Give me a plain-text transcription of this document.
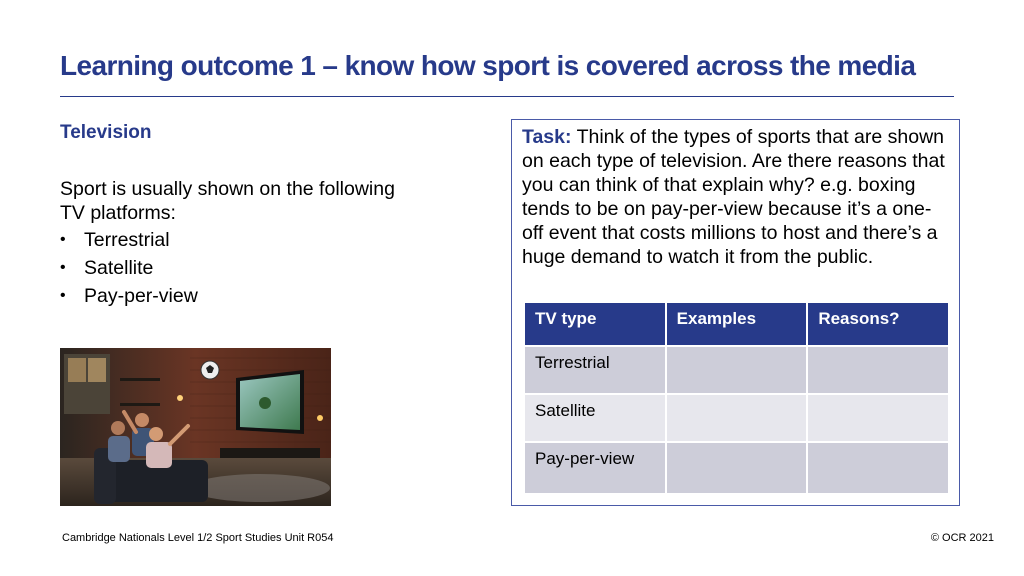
Learning outcome 1 – know how sport is covered across the media
Television
Sport is usually shown on the following TV platforms:
• Terrestrial
• Satellite
• Pay-per-view
Task: Think of the types of sports that are shown on each type of television. Are there reasons that you can think of that explain why? e.g. boxing tends to be on pay-per-view because it’s a one-off event that costs millions to host and there’s a huge demand to watch it from the public.
TV type	Examples	Reasons?
Terrestrial		
Satellite		
Pay-per-view		
Cambridge Nationals Level 1/2 Sport Studies Unit R054	© OCR 2021
